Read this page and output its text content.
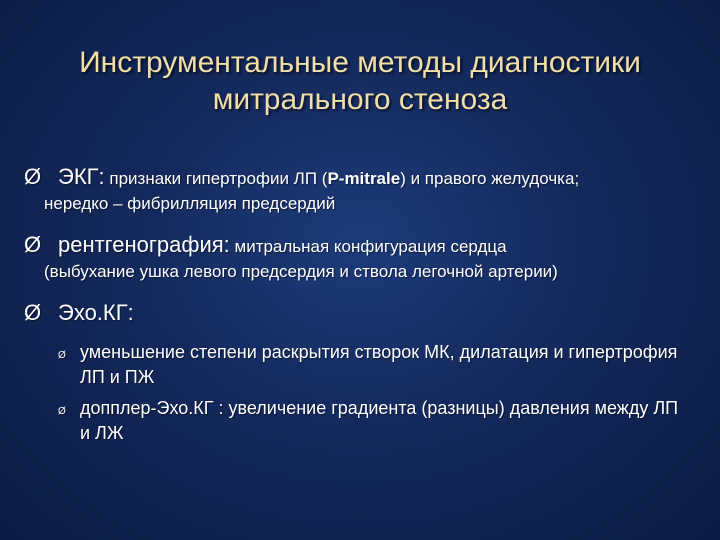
Инструментальные методы диагностики
митрального стеноза
Ø ЭКГ: признаки гипертрофии ЛП (P-mitrale) и правого желудочка;
нередко – фибрилляция предсердий
Ø рентгенография: митральная конфигурация сердца
(выбухание ушка левого предсердия и ствола легочной артерии)
Ø Эхо.КГ:
Ø уменьшение степени раскрытия створок МК, дилатация и гипертрофия ЛП и ПЖ
Ø допплер-Эхо.КГ : увеличение градиента (разницы) давления между ЛП и ЛЖ
